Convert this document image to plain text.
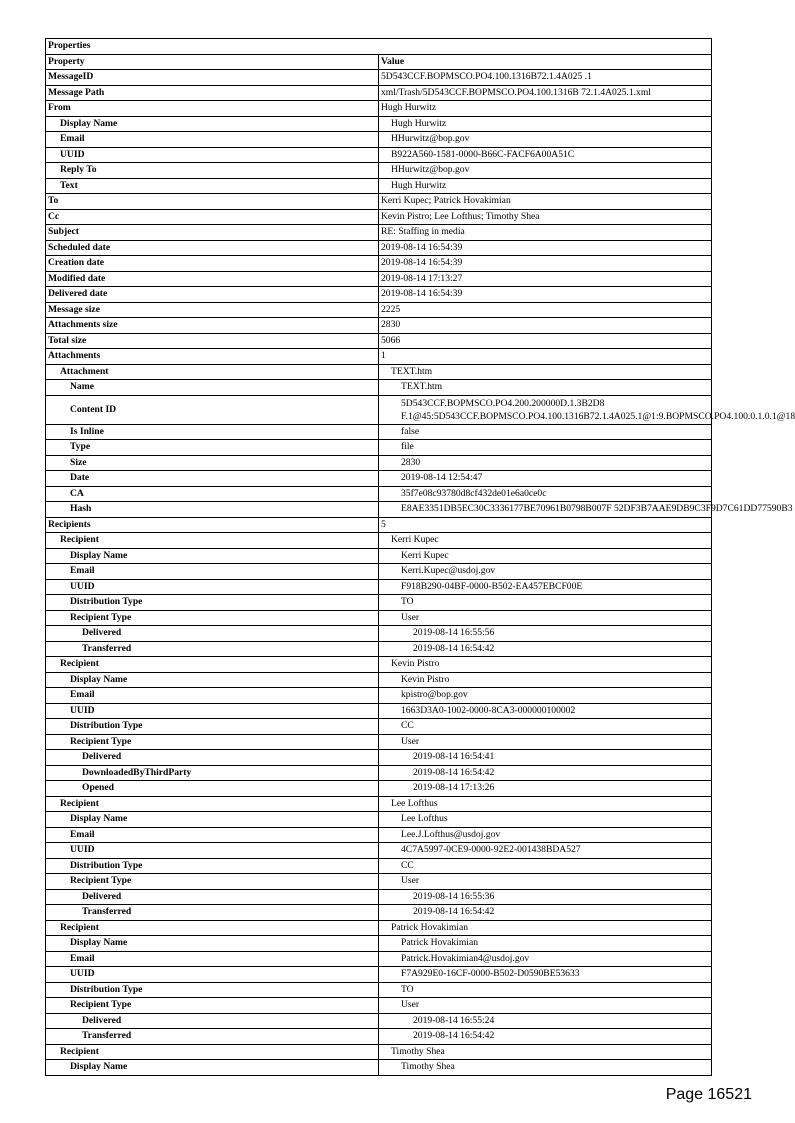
Properties	
Property	Value
MessageID	5D543CCF.BOPMSCO.PO4.100.1316B72.1.4A025 .1
Message Path	xml/Trash/5D543CCF.BOPMSCO.PO4.100.1316B 72.1.4A025.1.xml
From	Hugh Hurwitz
Display Name	Hugh Hurwitz
Email	HHurwitz@bop.gov
UUID	B922A560-1581-0000-B66C-FACF6A00A51C
Reply To	HHurwitz@bop.gov
Text	Hugh Hurwitz
To	Kerri Kupec; Patrick Hovakimian
Cc	Kevin Pistro; Lee Lofthus; Timothy Shea
Subject	RE: Staffing in media
Scheduled date	2019-08-14 16:54:39
Creation date	2019-08-14 16:54:39
Modified date	2019-08-14 17:13:27
Delivered date	2019-08-14 16:54:39
Message size	2225
Attachments size	2830
Total size	5066
Attachments	1
Attachment	TEXT.htm
Name	TEXT.htm
Content ID	5D543CCF.BOPMSCO.PO4.200.200000D.1.3B2D8 F.1@45:5D543CCF.BOPMSCO.PO4.100.1316B72.1.4A025.1@1:9.BOPMSCO.PO4.100.0.1.0.1@18
Is Inline	false
Type	file
Size	2830
Date	2019-08-14 12:54:47
CA	35f7e08c93780d8cf432de01e6a0ce0c
Hash	E8AE3351DB5EC30C3336177BE70961B0798B007F 52DF3B7AAE9DB9C3F9D7C61DD77590B3
Recipients	5
Recipient	Kerri Kupec
Display Name	Kerri Kupec
Email	Kerri.Kupec@usdoj.gov
UUID	F918B290-04BF-0000-B502-EA457EBCF00E
Distribution Type	TO
Recipient Type	User
Delivered	2019-08-14 16:55:56
Transferred	2019-08-14 16:54:42
Recipient	Kevin Pistro
Display Name	Kevin Pistro
Email	kpistro@bop.gov
UUID	1663D3A0-1002-0000-8CA3-000000100002
Distribution Type	CC
Recipient Type	User
Delivered	2019-08-14 16:54:41
DownloadedByThirdParty	2019-08-14 16:54:42
Opened	2019-08-14 17:13:26
Recipient	Lee Lofthus
Display Name	Lee Lofthus
Email	Lee.J.Lofthus@usdoj.gov
UUID	4C7A5997-0CE9-0000-92E2-001438BDA527
Distribution Type	CC
Recipient Type	User
Delivered	2019-08-14 16:55:36
Transferred	2019-08-14 16:54:42
Recipient	Patrick Hovakimian
Display Name	Patrick Hovakimian
Email	Patrick.Hovakimian4@usdoj.gov
UUID	F7A929E0-16CF-0000-B502-D0590BE53633
Distribution Type	TO
Recipient Type	User
Delivered	2019-08-14 16:55:24
Transferred	2019-08-14 16:54:42
Recipient	Timothy Shea
Display Name	Timothy Shea
Page 16521
